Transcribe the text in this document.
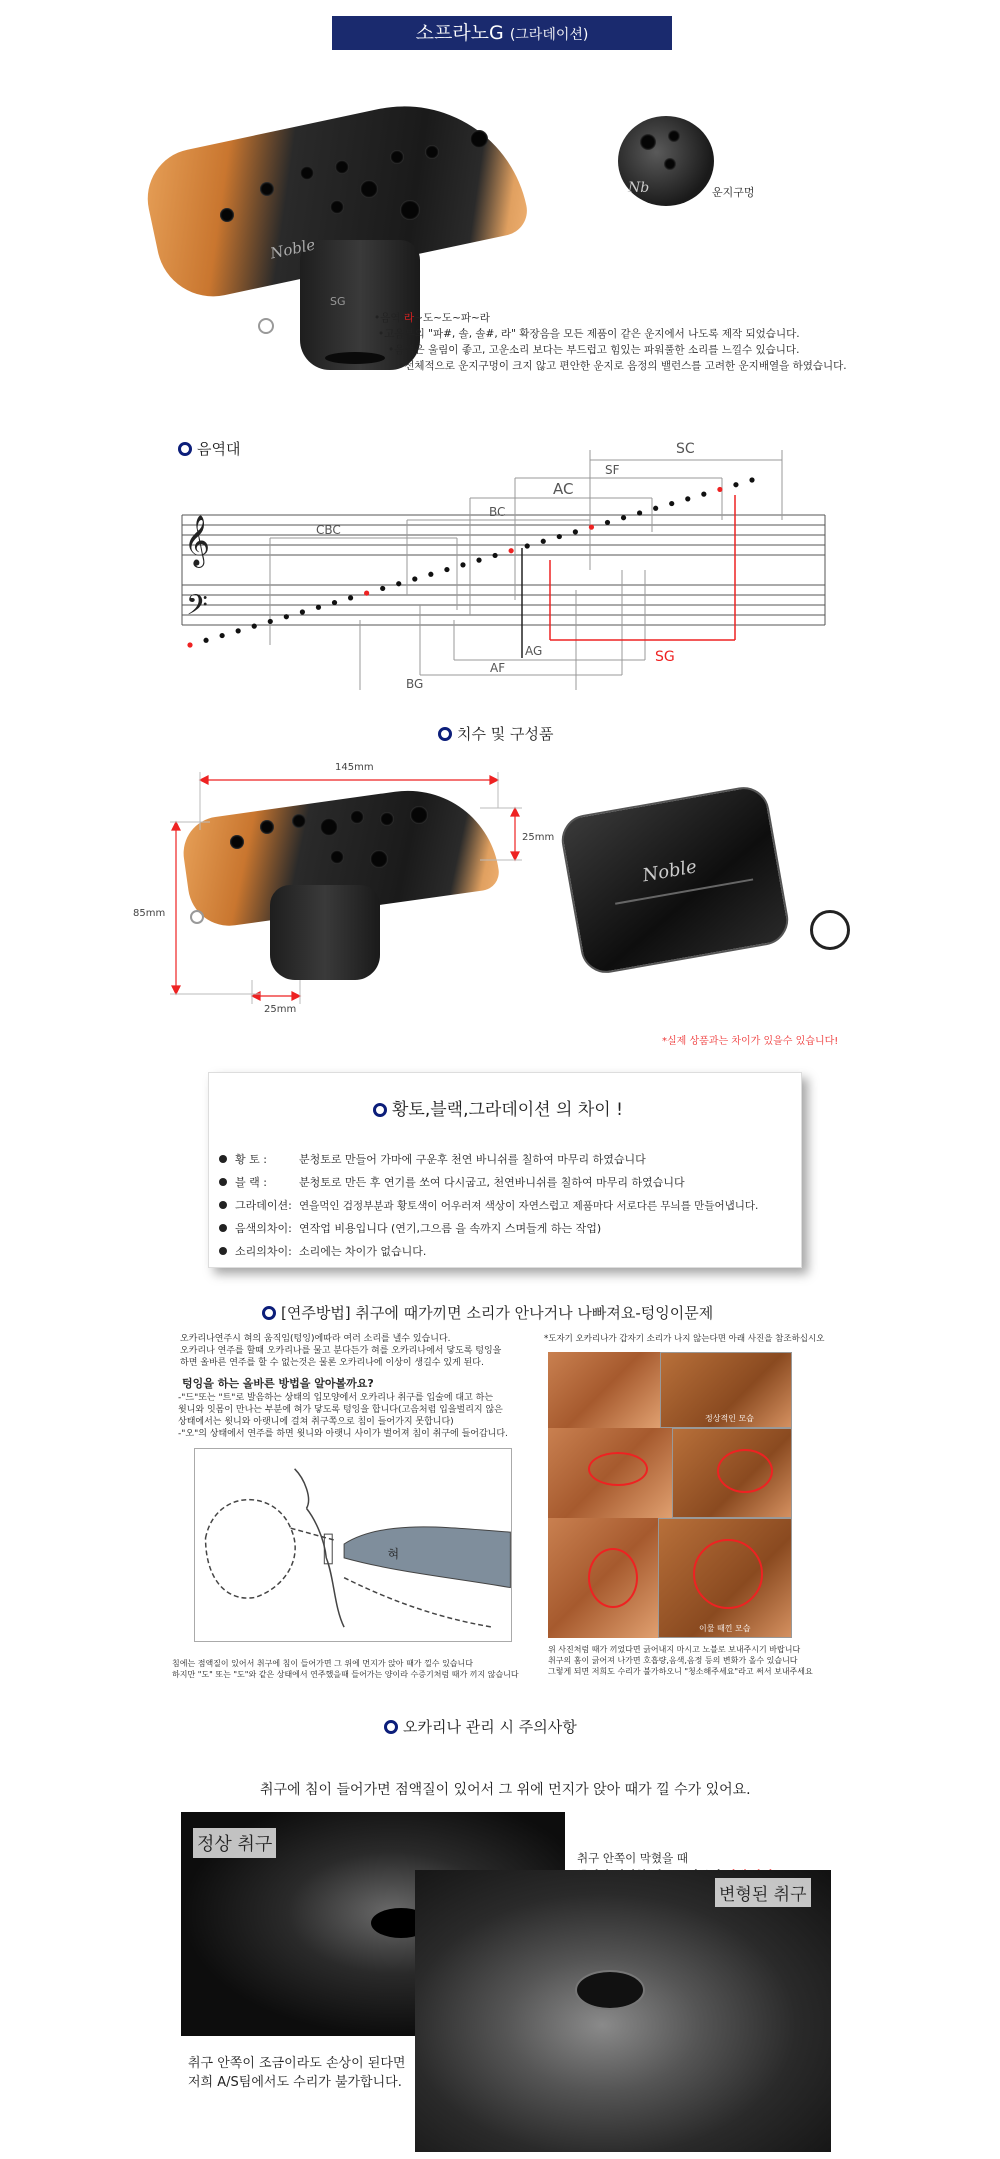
소프라노G (그라데이션)
Noble
SG
Nb	운지구멍
•음역:라~도~도~파~라
•고음부의 "파#, 솔, 솔#, 라" 확장음을 모든 제품이 같은 운지에서 나도록 제작 되었습니다.
•음색은 울림이 좋고, 고운소리 보다는 부드럽고 힘있는 파워풀한 소리를 느낄수 있습니다.
•전체적으로 운지구멍이 크지 않고 편안한 운지로 음정의 밸런스를 고려한 운지배열을 하였습니다.
음역대
𝄞
𝄢
SC
SF
AC
BC
CBC
SG
AG
AF
BG
치수 및 구성품
145mm
85mm
25mm
25mm
Noble
*실제 상품과는 차이가 있을수 있습니다!
황토,블랙,그라데이션 의 차이 !
황 토 :	분청토로 만들어 가마에 구운후 천연 바니쉬를 칠하여 마무리 하였습니다
블 랙 :	분청토로 만든 후 연기를 쏘여 다시굽고, 천연바니쉬를 칠하여 마무리 하였습니다
그라데이션: 연을먹인 검정부분과 황토색이 어우러져 색상이 자연스럽고 제품마다 서로다른 무늬를 만들어냅니다.
음색의차이: 연작업 비용입니다 (연기,그으름 을 속까지 스며들게 하는 작업)
소리의차이: 소리에는 차이가 없습니다.
[연주방법] 취구에 때가끼면 소리가 안나거나 나빠져요-텅잉이문제
오카리나연주시 혀의 움직임(텅잉)에따라 여러 소리를 낼수 있습니다.
오카리나 연주를 할때 오카리나를 물고 분다든가 혀를 오카리나에서 닿도록 텅잉을
하면 올바른 연주를 할 수 없는것은 물론 오카리나에 이상이 생길수 있게 된다.
텅잉을 하는 올바른 방법을 알아볼까요?
-"드"또는 "트"로 발음하는 상태의 입모양에서 오카리나 취구를 입술에 대고 하는
윗니와 잇몸이 만나는 부분에 혀가 닿도록 텅잉을 합니다(고음처럼 입을벌리지 않은
상태에서는 윗니와 아랫니에 걸쳐 취구쪽으로 침이 들어가지 못합니다)
-"오"의 상태에서 연주를 하면 윗니와 아랫니 사이가 벌어져 침이 취구에 들어갑니다.
혀
침에는 점액질이 있어서 취구에 침이 들어가면 그 위에 먼지가 앉아 때가 낄수 있습니다
하지만 "도" 또는 "도"와 같은 상태에서 연주했을때 들어가는 양이라 수증기처럼 때가 끼지 않습니다
*도자기 오카리나가 갑자기 소리가 나지 않는다면 아래 사진을 참조하십시오
정상적인 모습
이물 때낀 모습
위 사진처럼 때가 끼었다면 긁어내지 마시고 노블로 보내주시기 바랍니다
취구의 홈이 긁어져 나가면 호흡량,음색,음정 등의 변화가 올수 있습니다
그렇게 되면 저희도 수리가 불가하오니 "청소해주세요"라고 써서 보내주세요
오카리나 관리 시 주의사항
취구에 침이 들어가면 점액질이 있어서 그 위에 먼지가 앉아 때가 낄 수가 있어요.
정상 취구
취구 안쪽이 막혔을 때
변형된 취구
취구 안쪽이 조금이라도 손상이 된다면
저희 A/S팀에서도 수리가 불가합니다.
